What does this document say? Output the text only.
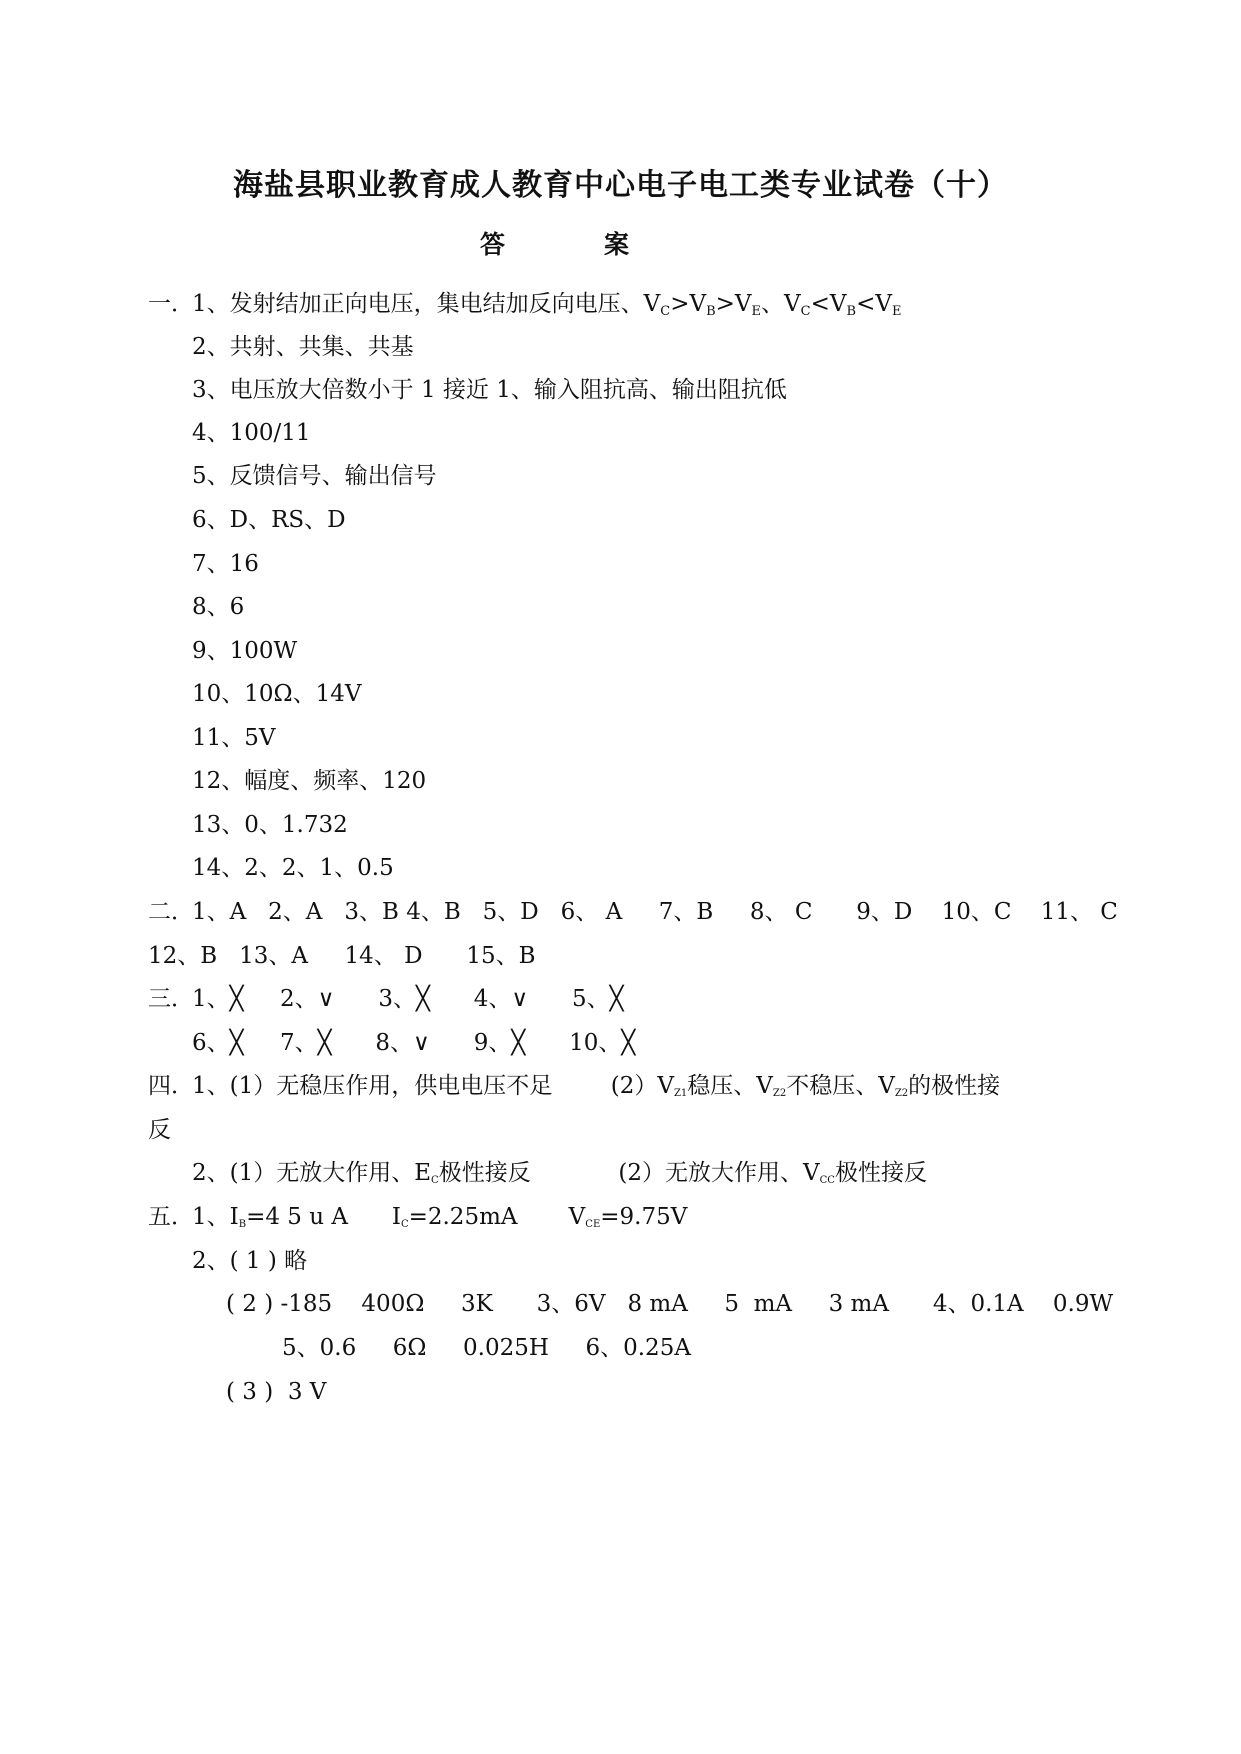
海盐县职业教育成人教育中心电子电工类专业试卷（十）
答	案
一．
1、发射结加正向电压，集电结加反向电压、$V_C>V_B>V_E$、$V_C<V_B<V_E$
2、共射、共集、共基
3、电压放大倍数小于 1 接近 1、输入阻抗高、输出阻抗低
4、100/11
5、反馈信号、输出信号
6、D、RS、D
7、16
8、6
9、100W
10、10Ω、14V
11、5V
12、幅度、频率、120
13、0、1.732
14、2、2、1、0.5
二．
1、A   2、A   3、B 4、B   5、D   6、 A     7、B     8、 C      9、D    10、C    11、 C
12、B   13、A     14、 D      15、B
三．
1、╳     2、∨      3、╳      4、∨      5、╳
6、╳     7、╳      8、∨      9、╳      10、╳
四．
1、(1）无稳压作用，供电电压不足        $(2)V_{Z1}$稳压、$V_{Z2}$不稳压、$V_{Z2}$的极性接
反
2、(1）无放大作用、$E_C$极性接反            (2）无放大作用、$V_{CC}$极性接反
五．
1、$I_B=4$ 5 u A      $I_C=2.25mA$       $V_{CE}=9.75V$
2、( 1 ) 略
( 2 ) -185    400Ω     3K      3、6V   8 mA     5  mA     3 mA      4、0.1A    0.9W
5、0.6     6Ω     0.025H     6、0.25A
( 3 )  3 V
